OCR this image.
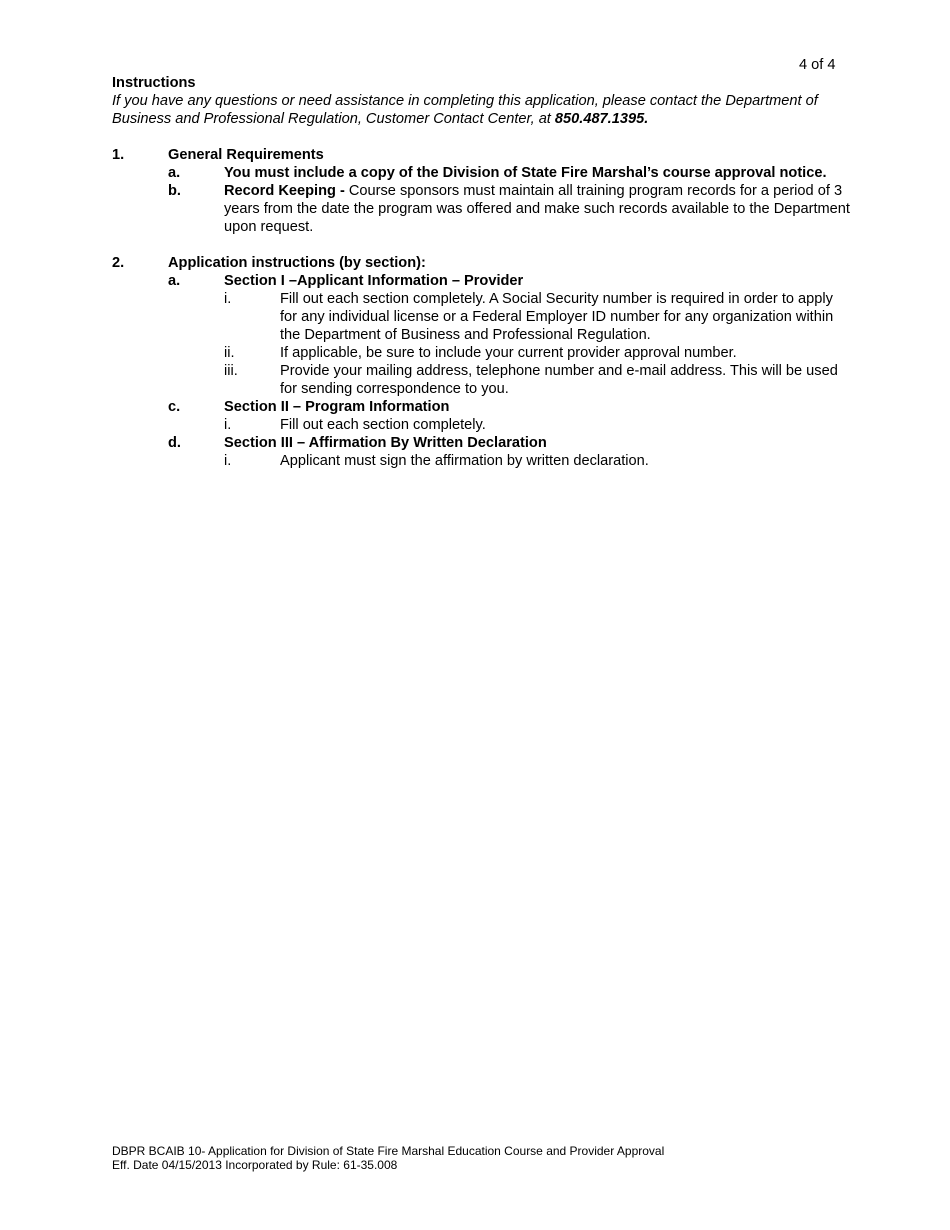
4 of 4
Instructions
If you have any questions or need assistance in completing this application, please contact the Department of Business and Professional Regulation, Customer Contact Center, at 850.487.1395.
1.	General Requirements
a.	You must include a copy of the Division of State Fire Marshal’s course approval notice.
b.	Record Keeping - Course sponsors must maintain all training program records for a period of 3 years from the date the program was offered and make such records available to the Department upon request.
2.	Application instructions (by section):
a.	Section I –Applicant Information – Provider
i.	Fill out each section completely. A Social Security number is required in order to apply for any individual license or a Federal Employer ID number for any organization within the Department of Business and Professional Regulation.
ii.	If applicable, be sure to include your current provider approval number.
iii.	Provide your mailing address, telephone number and e-mail address. This will be used for sending correspondence to you.
c.	Section II – Program Information
i.	Fill out each section completely.
d.	Section III – Affirmation By Written Declaration
i.	Applicant must sign the affirmation by written declaration.
DBPR BCAIB 10- Application for Division of State Fire Marshal Education Course and Provider Approval
Eff. Date 04/15/2013 Incorporated by Rule: 61-35.008
